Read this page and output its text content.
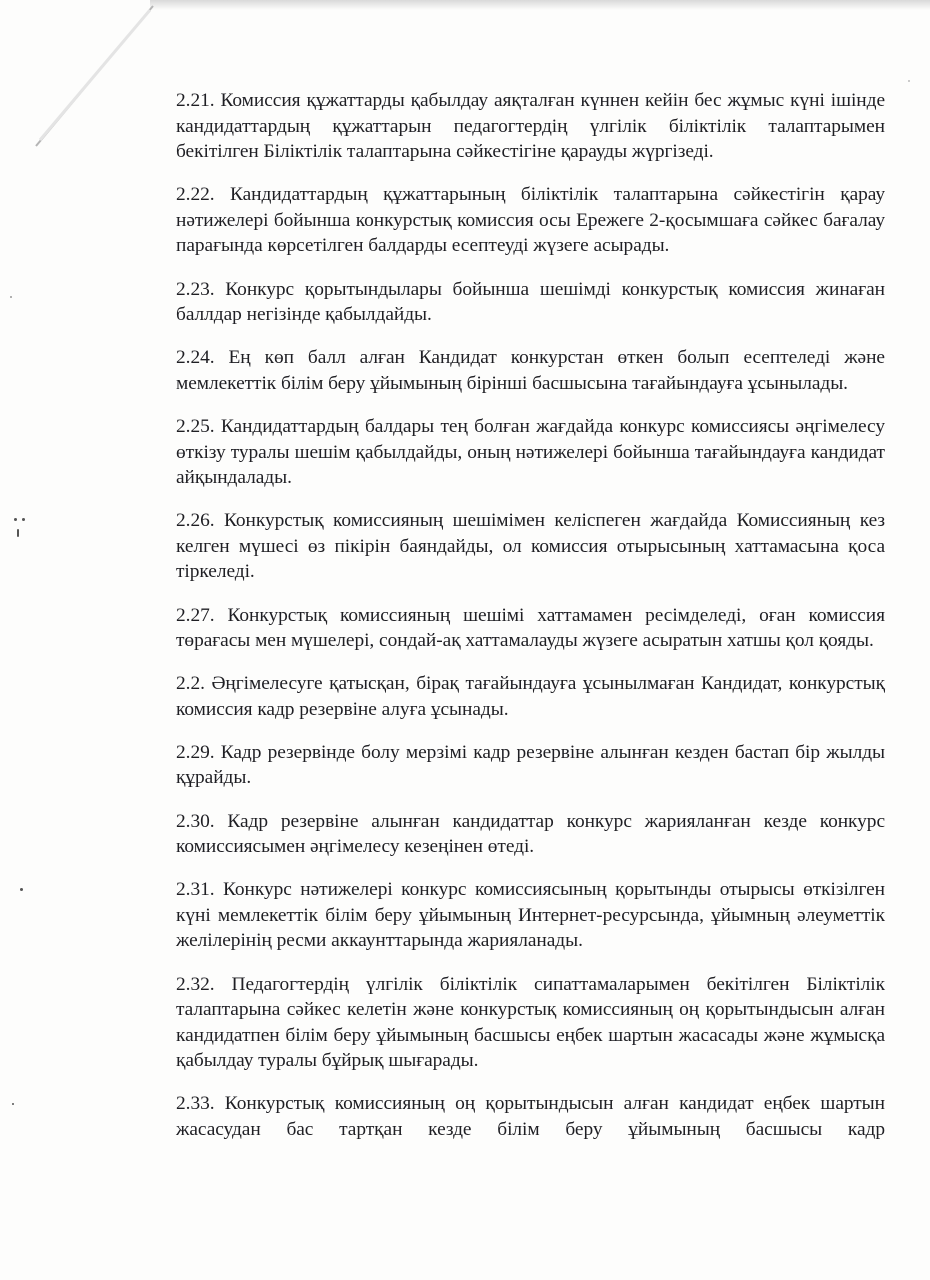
2.21. Комиссия құжаттарды қабылдау аяқталған күннен кейін бес жұмыс күні ішінде кандидаттардың құжаттарын педагогтердің үлгілік біліктілік талаптарымен бекітілген Біліктілік талаптарына сәйкестігіне қарауды жүргізеді.

2.22. Кандидаттардың құжаттарының біліктілік талаптарына сәйкестігін қарау нәтижелері бойынша конкурстық комиссия осы Ережеге 2-қосымшаға сәйкес бағалау парағында көрсетілген балдарды есептеуді жүзеге асырады.

2.23. Конкурс қорытындылары бойынша шешімді конкурстық комиссия жинаған баллдар негізінде қабылдайды.

2.24. Ең көп балл алған Кандидат конкурстан өткен болып есептеледі және мемлекеттік білім беру ұйымының бірінші басшысына тағайындауға ұсынылады.

2.25. Кандидаттардың балдары тең болған жағдайда конкурс комиссиясы әңгімелесу өткізу туралы шешім қабылдайды, оның нәтижелері бойынша тағайындауға кандидат айқындалады.

2.26. Конкурстық комиссияның шешімімен келіспеген жағдайда Комиссияның кез келген мүшесі өз пікірін баяндайды, ол комиссия отырысының хаттамасына қоса тіркеледі.

2.27. Конкурстық комиссияның шешімі хаттамамен ресімделеді, оған комиссия төрағасы мен мүшелері, сондай-ақ хаттамалауды жүзеге асыратын хатшы қол қояды.

2.2. Әңгімелесуге қатысқан, бірақ тағайындауға ұсынылмаған Кандидат, конкурстық комиссия кадр резервіне алуға ұсынады.

2.29. Кадр резервінде болу мерзімі кадр резервіне алынған кезден бастап бір жылды құрайды.

2.30. Кадр резервіне алынған кандидаттар конкурс жарияланған кезде конкурс комиссиясымен әңгімелесу кезеңінен өтеді.

2.31. Конкурс нәтижелері конкурс комиссиясының қорытынды отырысы өткізілген күні мемлекеттік білім беру ұйымының Интернет-ресурсында, ұйымның әлеуметтік желілерінің ресми аккаунттарында жарияланады.

2.32. Педагогтердің үлгілік біліктілік сипаттамаларымен бекітілген Біліктілік талаптарына сәйкес келетін және конкурстық комиссияның оң қорытындысын алған кандидатпен білім беру ұйымының басшысы еңбек шартын жасасады және жұмысқа қабылдау туралы бұйрық шығарады.

2.33. Конкурстық комиссияның оң қорытындысын алған кандидат еңбек шартын жасасудан бас тартқан кезде білім беру ұйымының басшысы кадр
